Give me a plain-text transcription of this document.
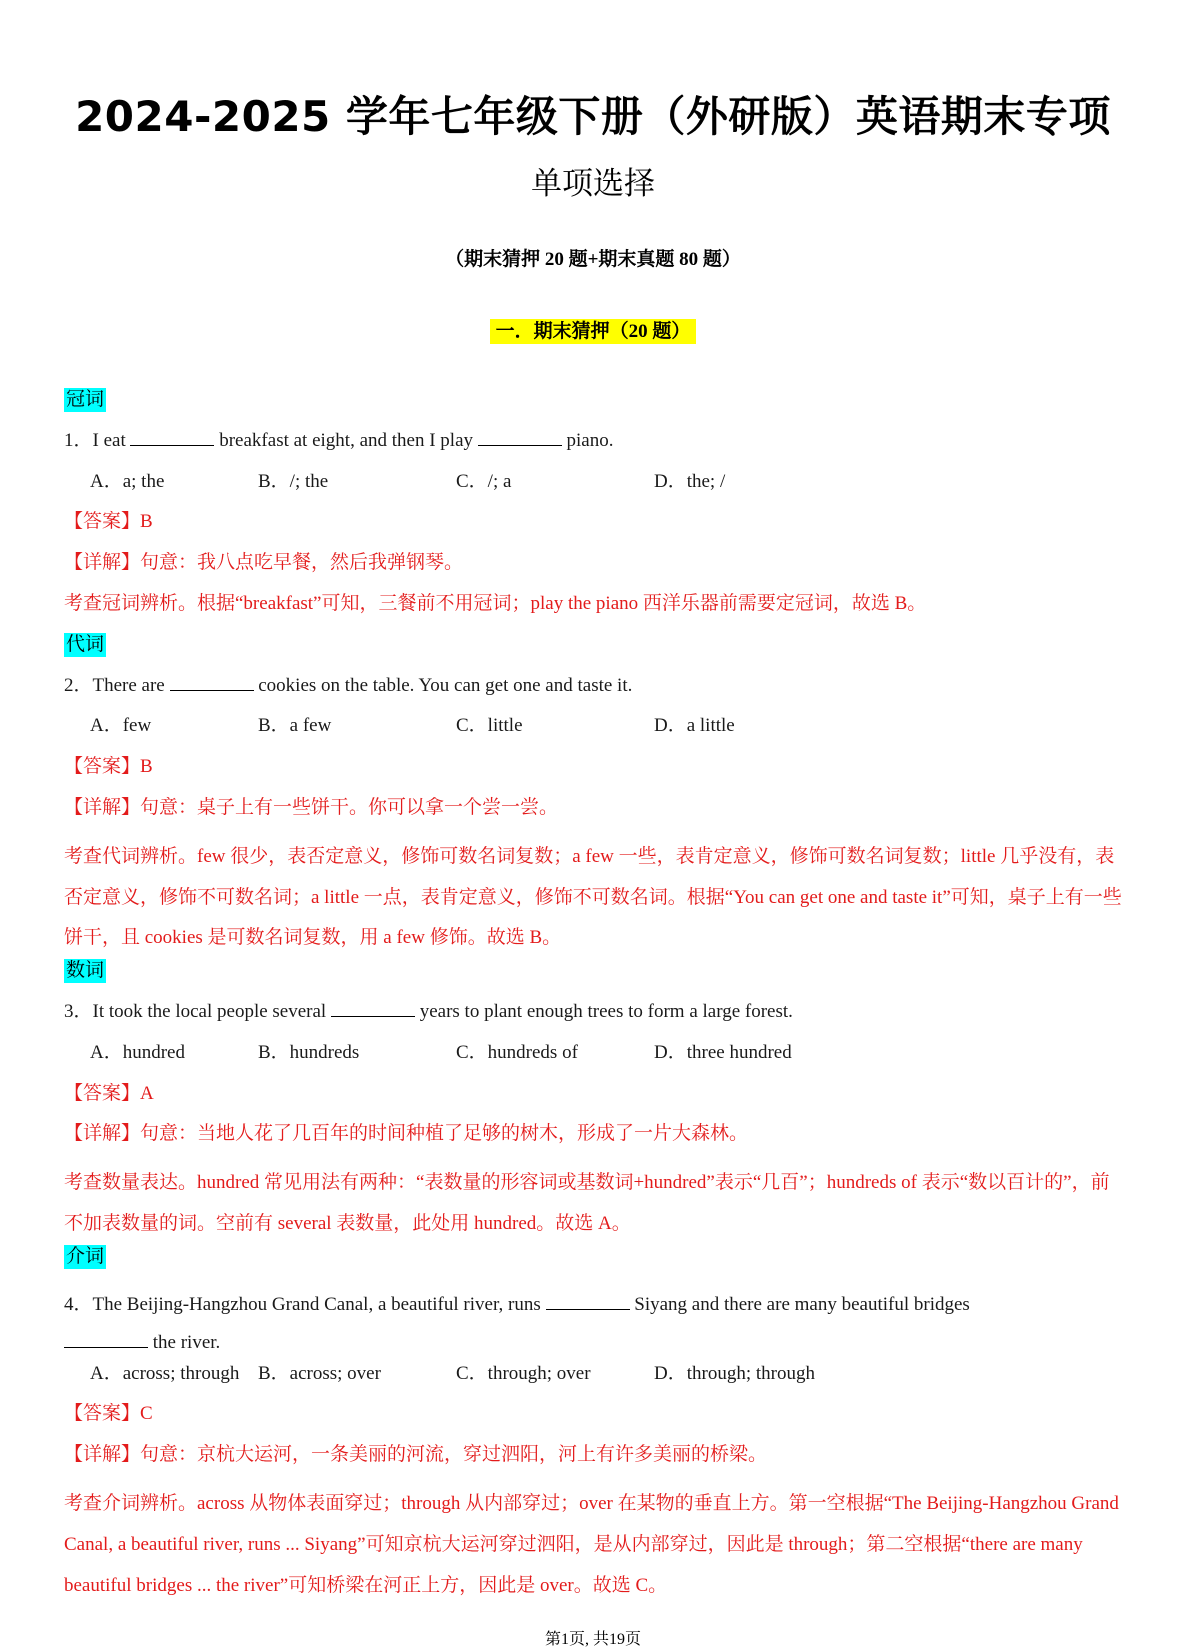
2024-2025 学年七年级下册（外研版）英语期末专项
单项选择
（期末猜押 20 题+期末真题 80 题）
一．期末猜押（20 题）
冠词
1．I eat	breakfast at eight, and then I play	piano.
A．a; the	B．/; the	C．/; a	D．the; /
【答案】B
【详解】句意：我八点吃早餐，然后我弹钢琴。
考查冠词辨析。根据“breakfast”可知，三餐前不用冠词；play the piano 西洋乐器前需要定冠词，故选 B。
代词
2．There are	cookies on the table. You can get one and taste it.
A．few	B．a few	C．little	D．a little
【答案】B
【详解】句意：桌子上有一些饼干。你可以拿一个尝一尝。
考查代词辨析。few 很少，表否定意义，修饰可数名词复数；a few 一些，表肯定意义，修饰可数名词复数；little 几乎没有，表否定意义，修饰不可数名词；a little 一点，表肯定意义，修饰不可数名词。根据“You can get one and taste it”可知，桌子上有一些饼干，且 cookies 是可数名词复数，用 a few 修饰。故选 B。
数词
3．It took the local people several	years to plant enough trees to form a large forest.
A．hundred	B．hundreds	C．hundreds of	D．three hundred
【答案】A
【详解】句意：当地人花了几百年的时间种植了足够的树木，形成了一片大森林。
考查数量表达。hundred 常见用法有两种：“表数量的形容词或基数词+hundred”表示“几百”；hundreds of 表示“数以百计的”，前不加表数量的词。空前有 several 表数量，此处用 hundred。故选 A。
介词
4．The Beijing-Hangzhou Grand Canal, a beautiful river, runs	Siyang and there are many beautiful bridges
the river.
A．across; through B．across; over	C．through; over	D．through; through
【答案】C
【详解】句意：京杭大运河，一条美丽的河流，穿过泗阳，河上有许多美丽的桥梁。
考查介词辨析。across 从物体表面穿过；through 从内部穿过；over 在某物的垂直上方。第一空根据“The Beijing-Hangzhou Grand Canal, a beautiful river, runs ... Siyang”可知京杭大运河穿过泗阳，是从内部穿过，因此是 through；第二空根据“there are many beautiful bridges ... the river”可知桥梁在河正上方，因此是 over。故选 C。
第1页, 共19页
